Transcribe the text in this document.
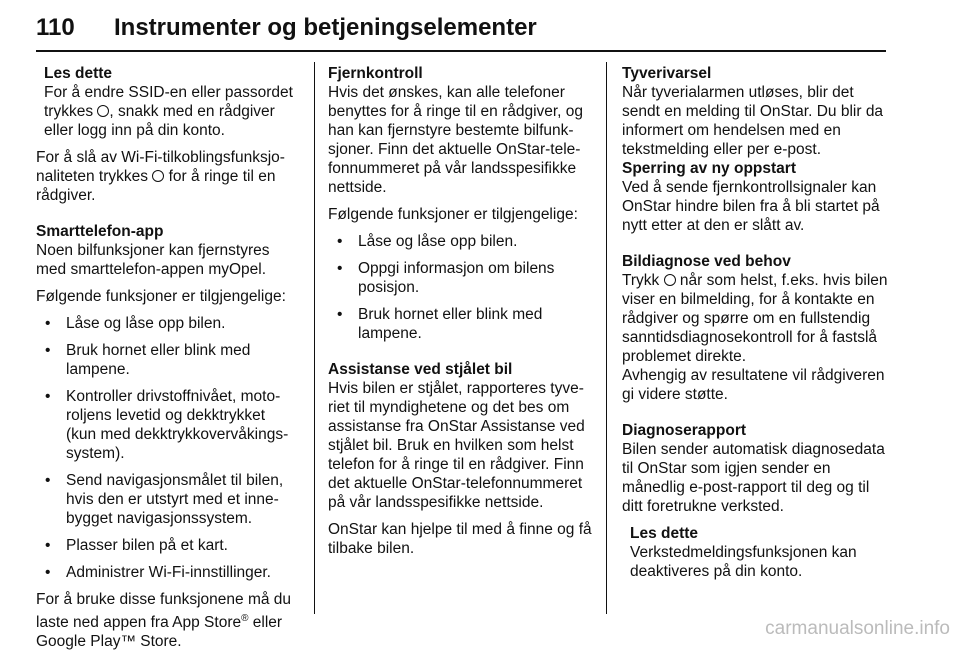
110 Instrumenter og betjeningselementer
Les dette

For å endre SSID-en eller passordet trykkes , snakk med en rådgiver eller logg inn på din konto.

For å slå av Wi-Fi-tilkoblingsfunksjonaliteten trykkes  for å ringe til en rådgiver.

Smarttelefon-app

Noen bilfunksjoner kan fjernstyres med smarttelefon-appen myOpel.

Følgende funksjoner er tilgjengelige:

• Låse og låse opp bilen.
• Bruk hornet eller blink med lampene.
• Kontroller drivstoffnivået, motoroljens levetid og dekktrykket (kun med dekktrykkovervåkingssystem).
• Send navigasjonsmålet til bilen, hvis den er utstyrt med et innebygget navigasjonssystem.
• Plasser bilen på et kart.
• Administrer Wi-Fi-innstillinger.

For å bruke disse funksjonene må du laste ned appen fra App Store® eller Google Play™ Store.

Fjernkontroll

Hvis det ønskes, kan alle telefoner benyttes for å ringe til en rådgiver, og han kan fjernstyre bestemte bilfunksjoner. Finn det aktuelle OnStar-telefonnummeret på vår landsspesifikke nettside.

Følgende funksjoner er tilgjengelige:

• Låse og låse opp bilen.
• Oppgi informasjon om bilens posisjon.
• Bruk hornet eller blink med lampene.
Assistanse ved stjålet bil

Hvis bilen er stjålet, rapporteres tyveriet til myndighetene og det bes om assistanse fra OnStar Assistanse ved stjålet bil. Bruk en hvilken som helst telefon for å ringe til en rådgiver. Finn det aktuelle OnStar-telefonnummeret på vår landsspesifikke nettside.

OnStar kan hjelpe til med å finne og få tilbake bilen.

Tyverivarsel

Når tyverialarmen utløses, blir det sendt en melding til OnStar. Du blir da informert om hendelsen med en tekstmelding eller per e-post.

Sperring av ny oppstart

Ved å sende fjernkontrollsignaler kan OnStar hindre bilen fra å bli startet på nytt etter at den er slått av.

Bildiagnose ved behov

Trykk  når som helst, f.eks. hvis bilen viser en bilmelding, for å kontakte en rådgiver og spørre om en fullstendig sanntidsdiagnosekontroll for å fastslå problemet direkte.

Avhengig av resultatene vil rådgiveren gi videre støtte.

Diagnoserapport

Bilen sender automatisk diagnosedata til OnStar som igjen sender en månedlig e-post-rapport til deg og til ditt foretrukne verksted.

Les dette

Verkstedmeldingsfunksjonen kan deaktiveres på din konto.

carmanualsonline.info
